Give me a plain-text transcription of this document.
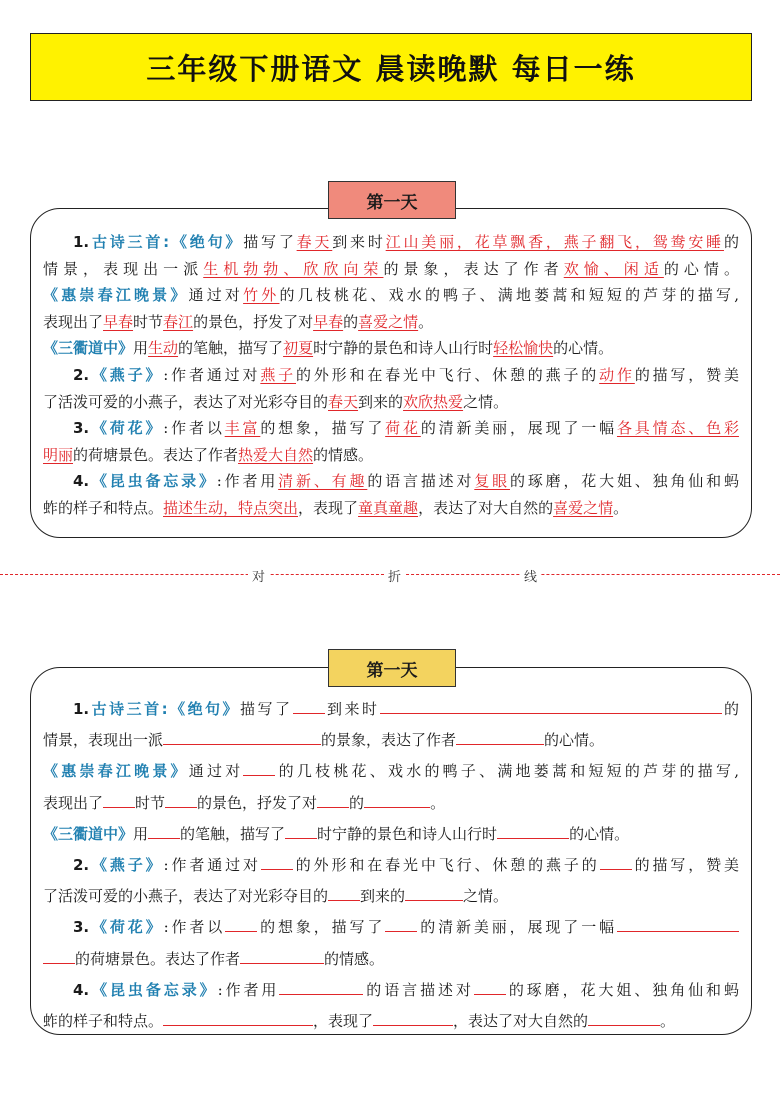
三年级下册语文 晨读晚默 每日一练
第一天
1.古诗三首:《绝句》描写了春天到来时江山美丽，花草飘香，燕子翻飞，鸳鸯安睡的
情景，表现出一派生机勃勃、欣欣向荣的景象，表达了作者欢愉、闲适的心情。
《惠崇春江晚景》通过对竹外的几枝桃花、戏水的鸭子、满地蒌蒿和短短的芦芽的描写,
表现出了早春时节春江的景色，抒发了对早春的喜爱之情。
《三衢道中》用生动的笔触，描写了初夏时宁静的景色和诗人山行时轻松愉快的心情。
2.《燕子》:作者通过对燕子的外形和在春光中飞行、休憩的燕子的动作的描写，赞美
了活泼可爱的小燕子，表达了对光彩夺目的春天到来的欢欣热爱之情。
3.《荷花》:作者以丰富的想象，描写了荷花的清新美丽，展现了一幅各具情态、色彩
明丽的荷塘景色。表达了作者热爱大自然的情感。
4.《昆虫备忘录》:作者用清新、有趣的语言描述对复眼的琢磨，花大姐、独角仙和蚂
蚱的样子和特点。描述生动，特点突出，表现了童真童趣，表达了对大自然的喜爱之情。
对	折	线
第一天
1.古诗三首:《绝句》描写了 到来时	的
情景，表现出一派	的景象，表达了作者	的心情。
《惠崇春江晚景》通过对 的几枝桃花、戏水的鸭子、满地蒌蒿和短短的芦芽的描写,
表现出了 时节 的景色，抒发了对 的	。
《三衢道中》用 的笔触，描写了 时宁静的景色和诗人山行时	的心情。
2.《燕子》:作者通过对 的外形和在春光中飞行、休憩的燕子的 的描写，赞美
了活泼可爱的小燕子，表达了对光彩夺目的 到来的	之情。
3.《荷花》:作者以 的想象，描写了 的清新美丽，展现了一幅
的荷塘景色。表达了作者	的情感。
4.《昆虫备忘录》:作者用	的语言描述对 的琢磨，花大姐、独角仙和蚂
蚱的样子和特点。	，表现了	，表达了对大自然的	。
